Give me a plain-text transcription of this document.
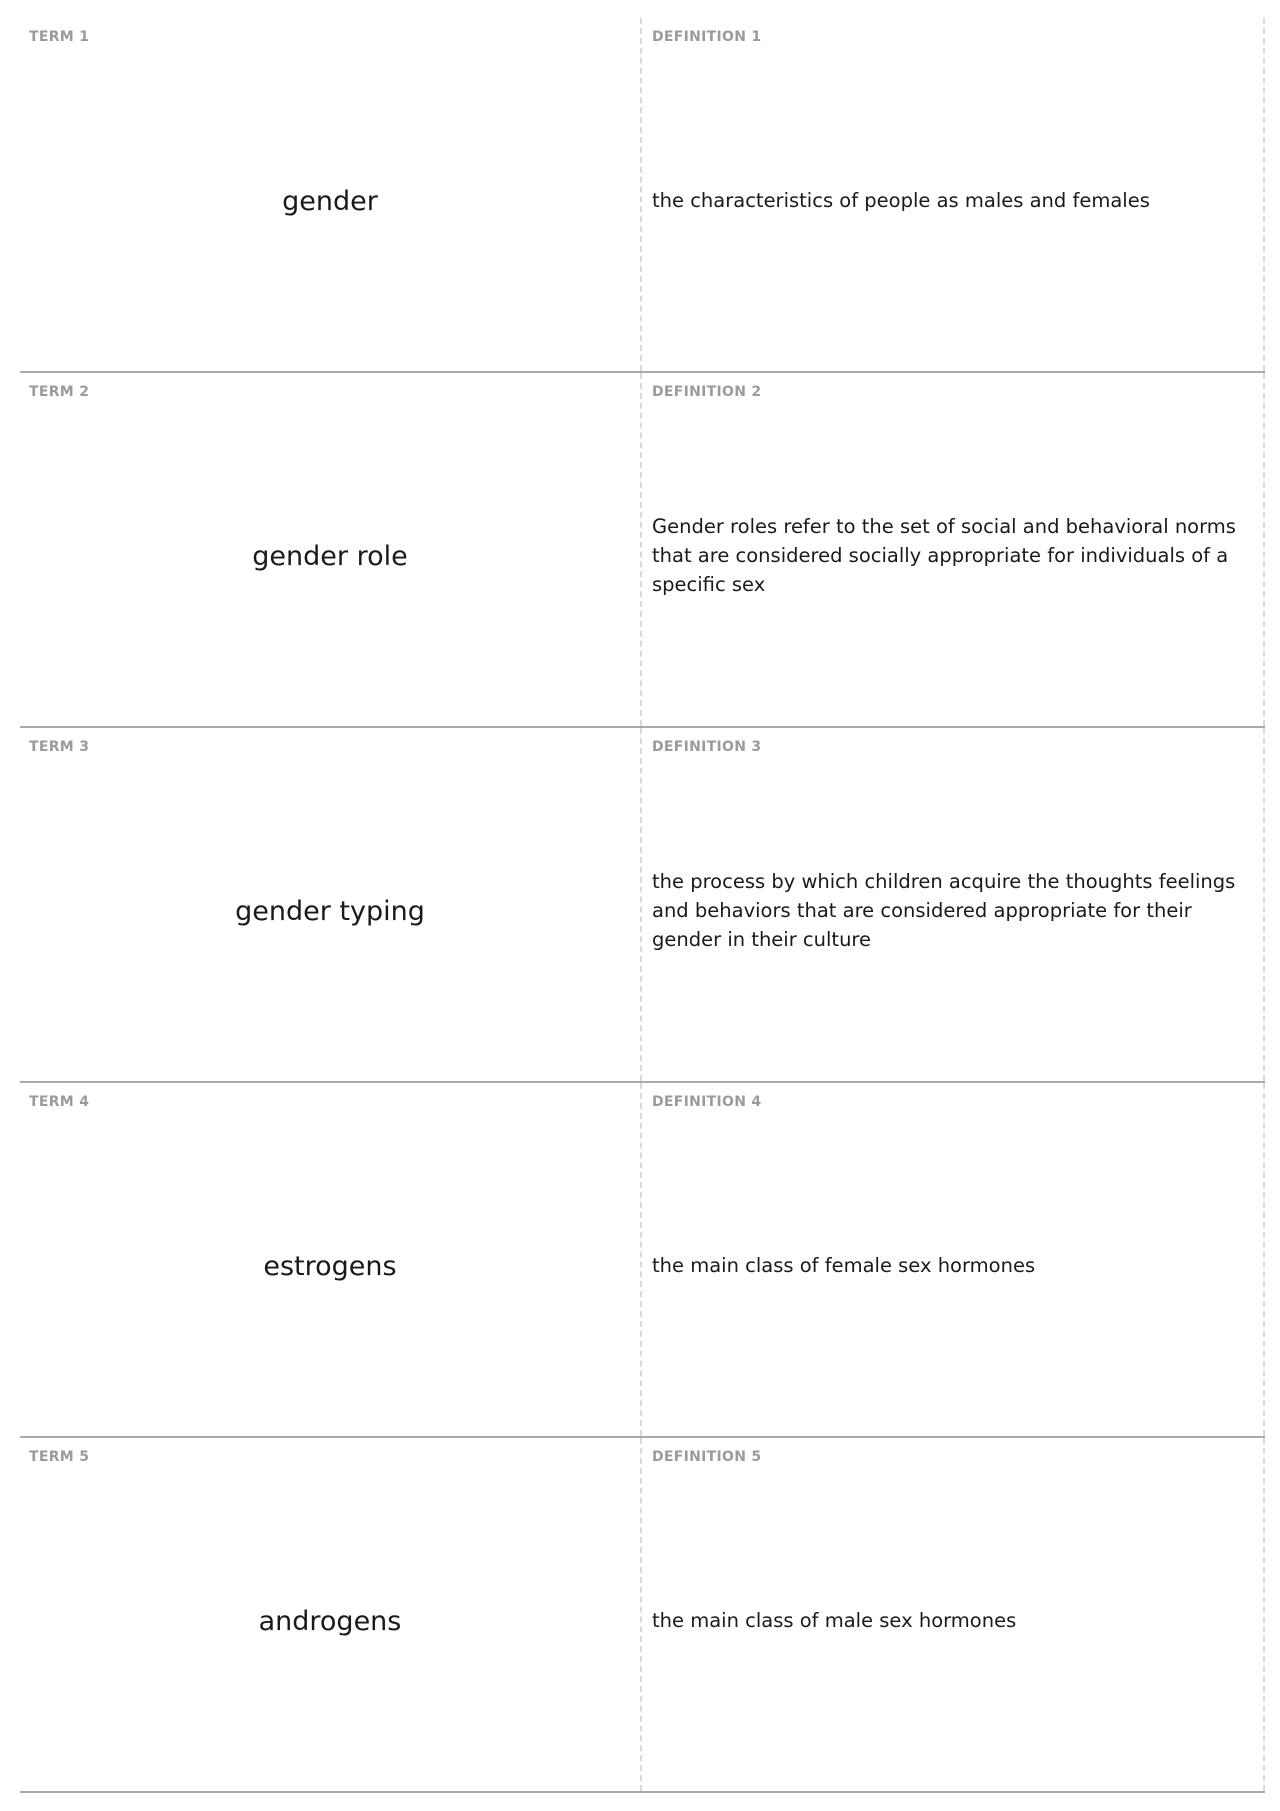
TERM 1
gender
DEFINITION 1
the characteristics of people as males and females
TERM 2
gender role
DEFINITION 2
Gender roles refer to the set of social and behavioral norms that are considered socially appropriate for individuals of a specific sex
TERM 3
gender typing
DEFINITION 3
the process by which children acquire the thoughts feelings and behaviors that are considered appropriate for their gender in their culture
TERM 4
estrogens
DEFINITION 4
the main class of female sex hormones
TERM 5
androgens
DEFINITION 5
the main class of male sex hormones
